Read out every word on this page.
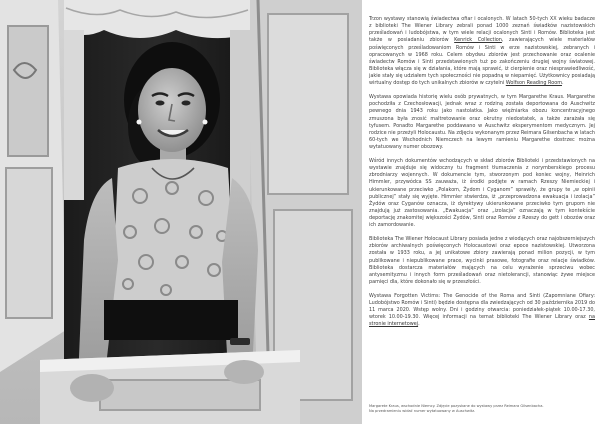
Trzon wystawy stanowią świadectwa ofiar i ocalonych. W latach 50-tych XX wieku badacze z biblioteki The Wiener Library zebrali ponad 1000 zeznań świadków nazistowskich prześladowań i ludobójstwa, w tym wiele relacji ocalonych Sinti i Romów. Biblioteka jest także w posiadaniu zbiorów Kenrick Collection, zawierających wiele materiałów poświęconych prześladowaniom Romów i Sinti w erze nazistowskiej, zebranych i opracowanych w 1968 roku. Celem obydwu zbiorów jest przechowanie oraz ocalenie świadectw Romów i Sinti przedstawionych tuż po zakończeniu drugiej wojny światowej. Biblioteka włącza się w działania, które mają sprawić, iż cierpienie oraz niesprawiedliwość, jakie stały się udziałem tych społeczności nie popadną w niepamięć. Użytkownicy posiadają wirtualny dostęp do tych unikalnych zbiorów w czytelni Wolfson Reading Room.

Wystawa opowiada historię wielu osób prywatnych, w tym Margarethe Kraus. Margarethe pochodziła z Czechosłowacji, jednak wraz z rodziną została deportowana do Auschwitz pewnego dnia 1943 roku jako nastolatka. Jako więźniarka obozu koncentracyjnego zmuszona była znosić maltretowanie oraz okrutny niedostatek, a także zarażała się tyfusem. Ponadto Margarethe poddawano w Auschwitz eksperymentom medycznym. Jej rodzice nie przeżyli Holocaustu. Na zdjęciu wykonanym przez Reimara Gilsenbacha w latach 60-tych we Wschodnich Niemczech na lewym ramieniu Margarethe dostrzec można wytatuowany numer obozowy.

Wśród innych dokumentów wchodzących w skład zbiorów Biblioteki i przedstawionych na wystawie znajduje się widoczny tu fragment tłumaczenia z norymberskiego procesu zbrodniarzy wojennych. W dokumencie tym, stworzonym pod koniec wojny, Heinrich Himmler, przywódca SS zauważa, iż środki podjęte w ramach Rzeszy Niemieckiej i ukierunkowane przeciwko „Polakom, Żydom i Cyganom” sprawiły, że grupy te „w opinii publicznej” stały się wyjęte. Himmler stwierdza, iż „przeprowadzona ewakuacja i izolacja” Żydów oraz Cyganów oznacza, iż dyrektywy ukierunkowane przeciwko tym grupom nie znajdują już zastosowania. „Ewakuacja” oraz „izolacja” oznaczają w tym kontekście deportację znakomitej większości Żydów, Sinti oraz Romów z Rzeszy do gett i obozów oraz ich zamordowanie.

Biblioteka The Wiener Holocaust Library posiada jedne z wiodących oraz najobszerniejszych zbiorów archiwalnych poświęconych Holocaustowi oraz epoce nazistowskiej. Utworzona została w 1933 roku, a jej unikatowe zbiory zawierają ponad milion pozycji, w tym publikowane i niepublikowane prace, wycinki prasowe, fotografie oraz relacje świadków. Biblioteka dostarcza materiałów mających na celu wyrażenie sprzeciwu wobec antysemityzmu i innych form prześladowań oraz nietolerancji, stanowiąc żywe miejsce pamięci dla, które dokonało się w przeszłości.

Wystawa Forgotten Victims: The Genocide of the Roma and Sinti (Zapomniane Ofiary: Ludobójstwo Romów i Sinti) będzie dostępna dla zwiedzających od 30 października 2019 do 11 marca 2020. Wstęp wolny. Dni i godziny otwarcia: poniedziałek-piątek 10.00-17.30, wtorek 10.00-19.30. Więcej informacji na temat biblioteki The Wiener Library oraz na stronie internetowej.

Margarete Kraus, wschodnie Niemcy. Zdjęcie pozyskane do wystawy przez Reimara Gilsenbacha.
Na przedramieniu widać numer wytatuowany w Auschwitz.
